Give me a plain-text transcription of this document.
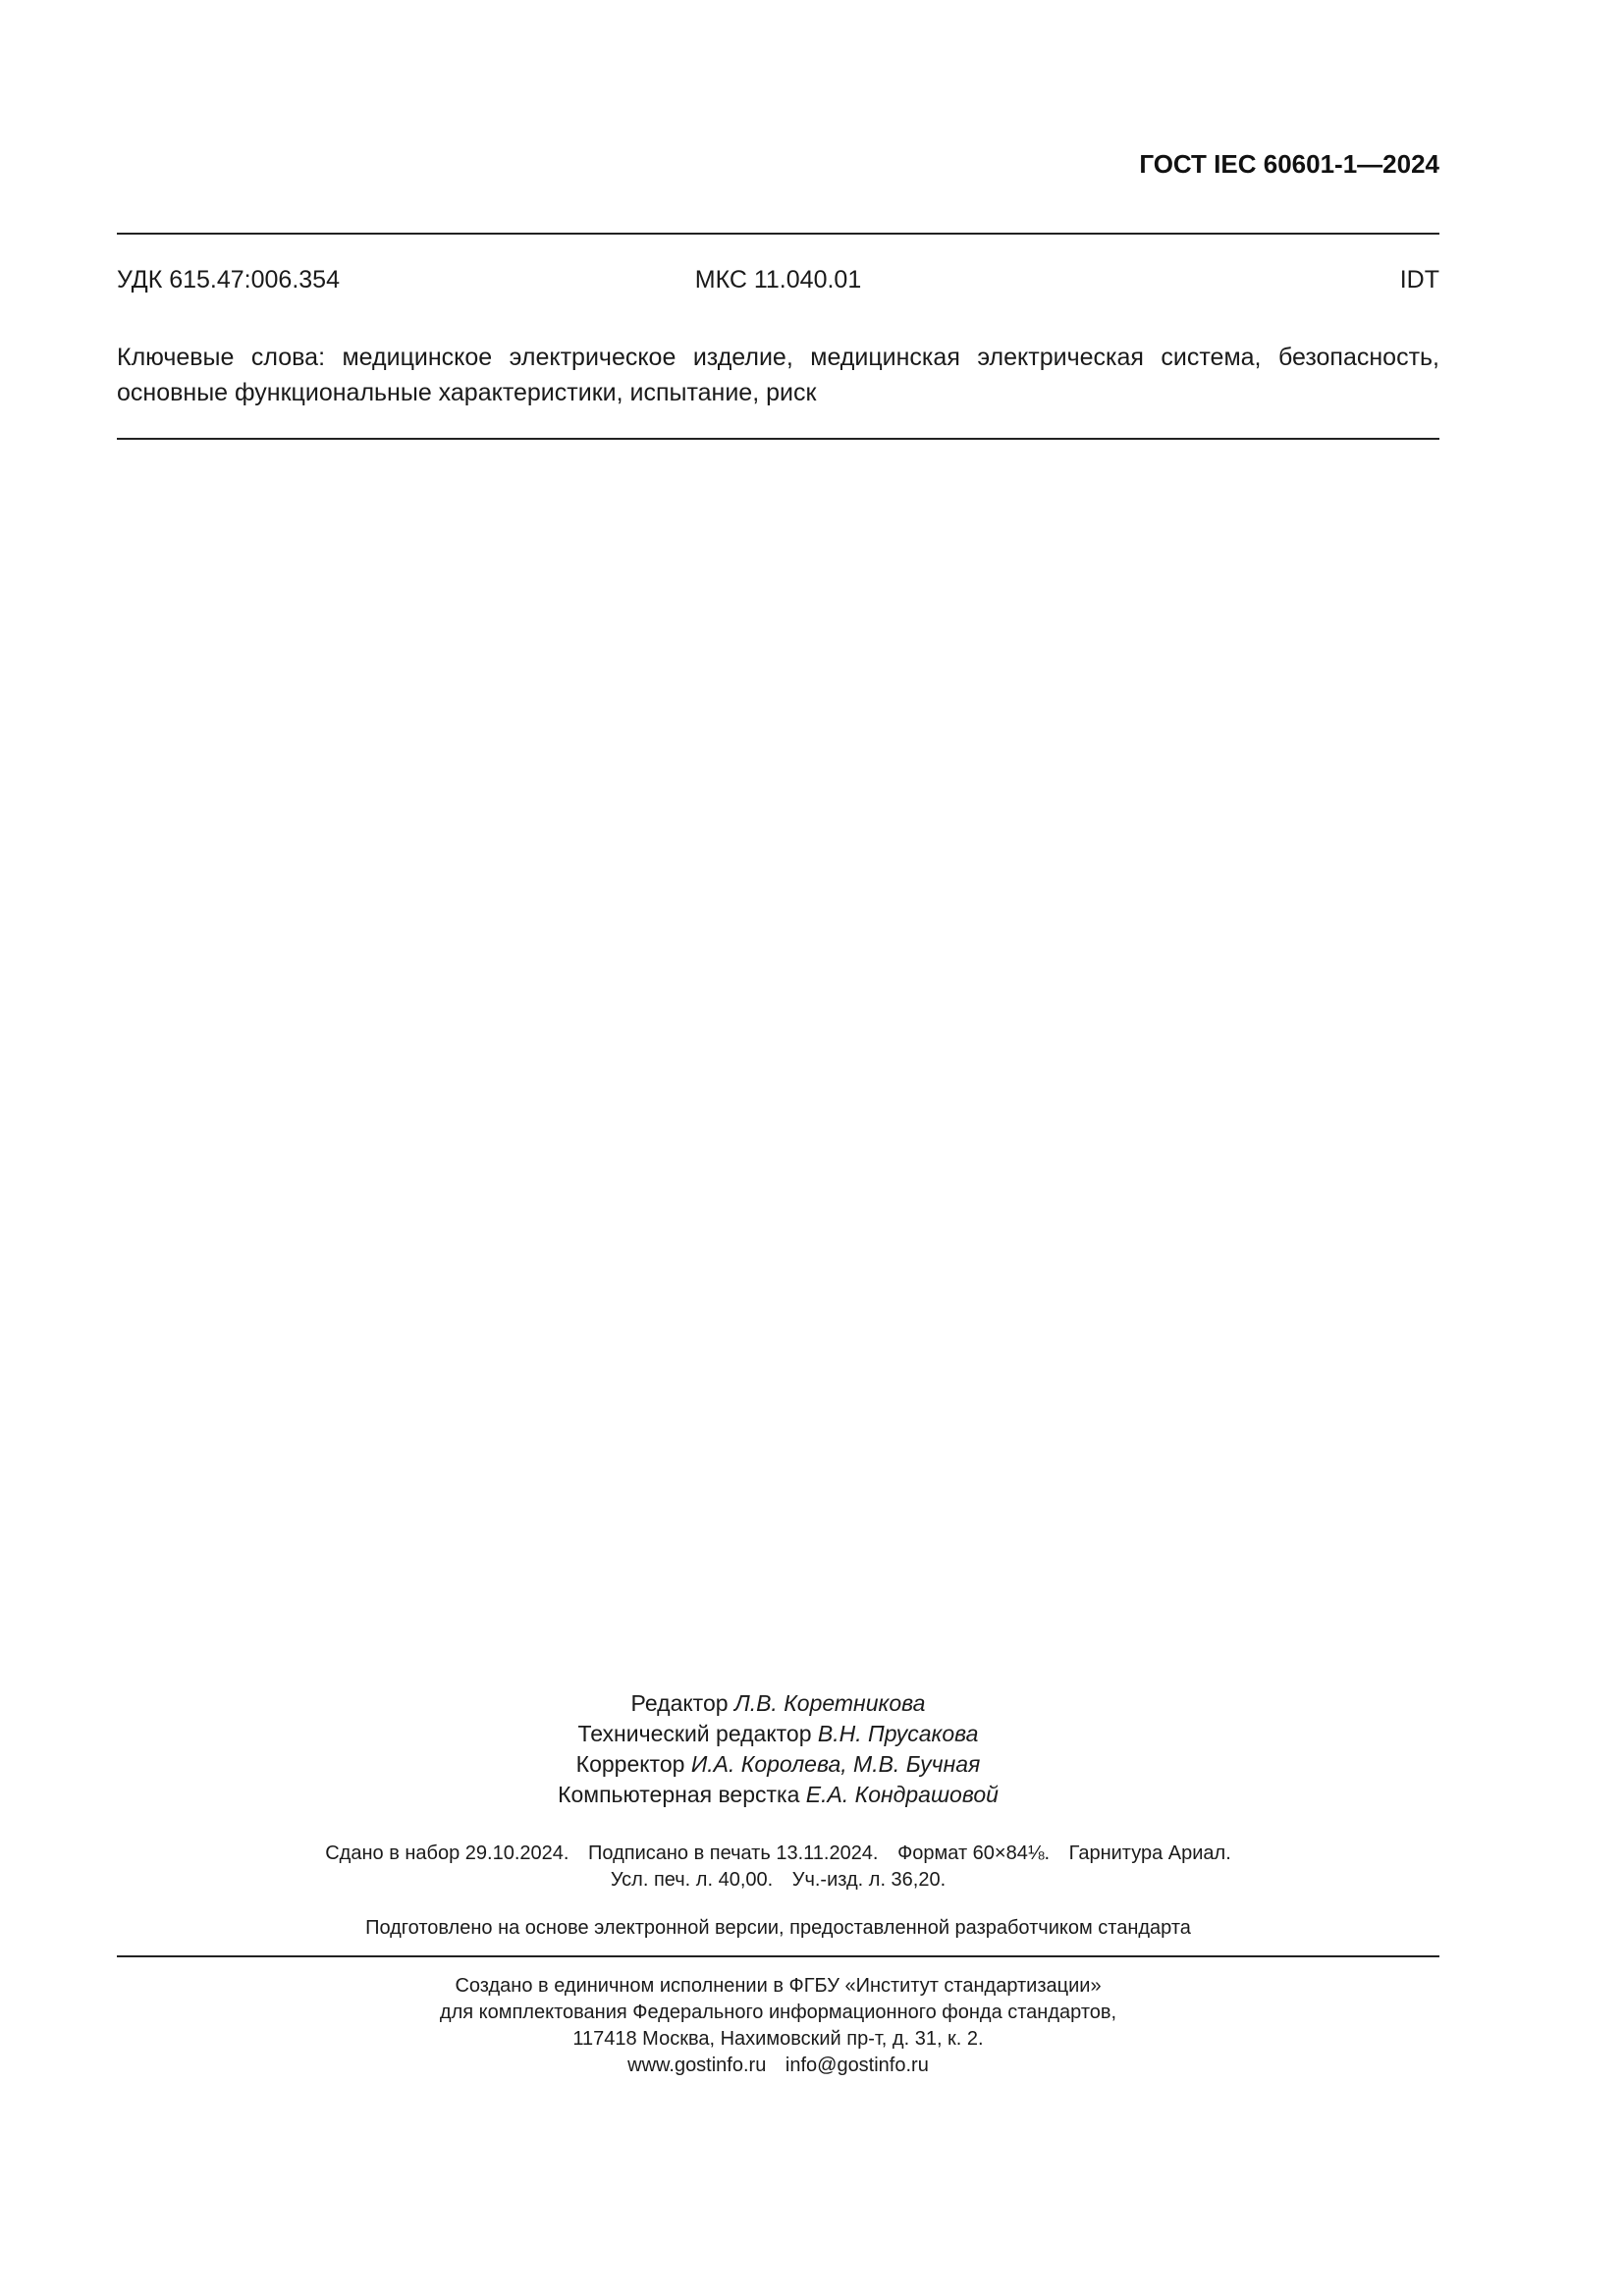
ГОСТ IEC 60601-1—2024
УДК 615.47:006.354	МКС 11.040.01	IDT

Ключевые слова: медицинское электрическое изделие, медицинская электрическая система, безопасность, основные функциональные характеристики, испытание, риск

Редактор Л.В. Коретникова
Технический редактор В.Н. Прусакова
Корректор И.А. Королева, М.В. Бучная
Компьютерная верстка Е.А. Кондрашовой
Сдано в набор 29.10.2024. Подписано в печать 13.11.2024. Формат 60×84⅛. Гарнитура Ариал.
Усл. печ. л. 40,00. Уч.-изд. л. 36,20.
Подготовлено на основе электронной версии, предоставленной разработчиком стандарта
Создано в единичном исполнении в ФГБУ «Институт стандартизации»
для комплектования Федерального информационного фонда стандартов,
117418 Москва, Нахимовский пр-т, д. 31, к. 2.
www.gostinfo.ru info@gostinfo.ru
